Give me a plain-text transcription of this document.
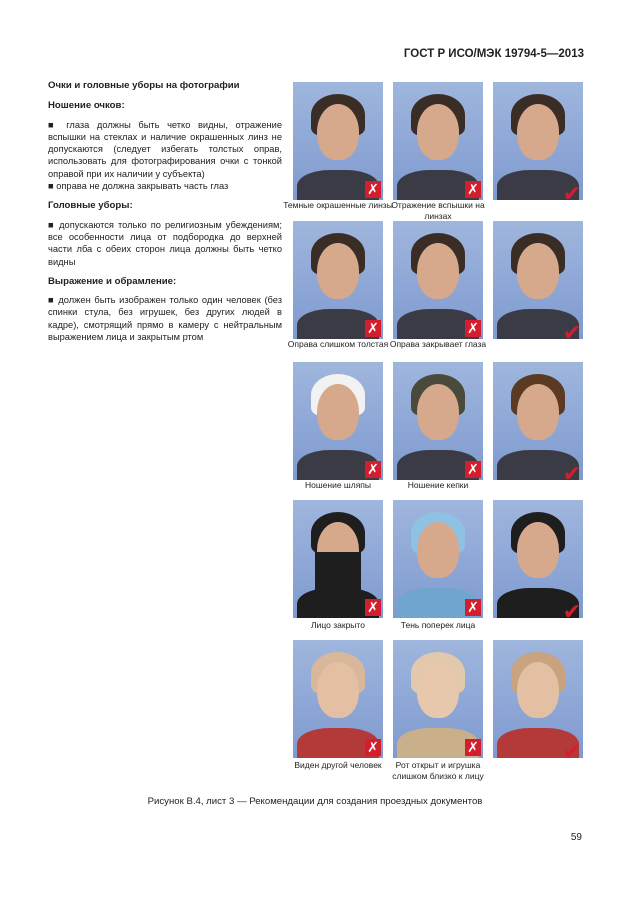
ГОСТ Р ИСО/МЭК 19794-5—2013
Очки и головные уборы на фотографии
Ношение очков:

■ глаза должны быть четко видны, отражение вспышки на стеклах и наличие окрашенных линз не допускаются (следует избегать толстых оправ, использовать для фотографирования очки с тонкой оправой при их наличии у субъекта)

■ оправа не должна закрывать часть глаз

Головные уборы:

■ допускаются только по религиозным убеждениям; все особенности лица от подбородка до верхней части лба с обеих сторон лица должны быть четко видны

Выражение и обрамление:

■ должен быть изображен только один человек (без спинки стула, без игрушек, без других людей в кадре), смотрящий прямо в камеру с нейтральным выражением лица и закрытым ртом

✗
Темные окрашенные линзы
✗
Отражение вспышки на линзах
✔
✗
Оправа слишком толстая
✗
Оправа закрывает глаза	✔
✗
Ношение шляпы
✗
Ношение кепки	✔
✗
Лицо закрыто
✗
Тень поперек лица
✔
✗
Виден другой человек
✗
Рот открыт и игрушка слишком близко к лицу
✔
Рисунок В.4, лист 3 — Рекомендации для создания проездных документов
59
